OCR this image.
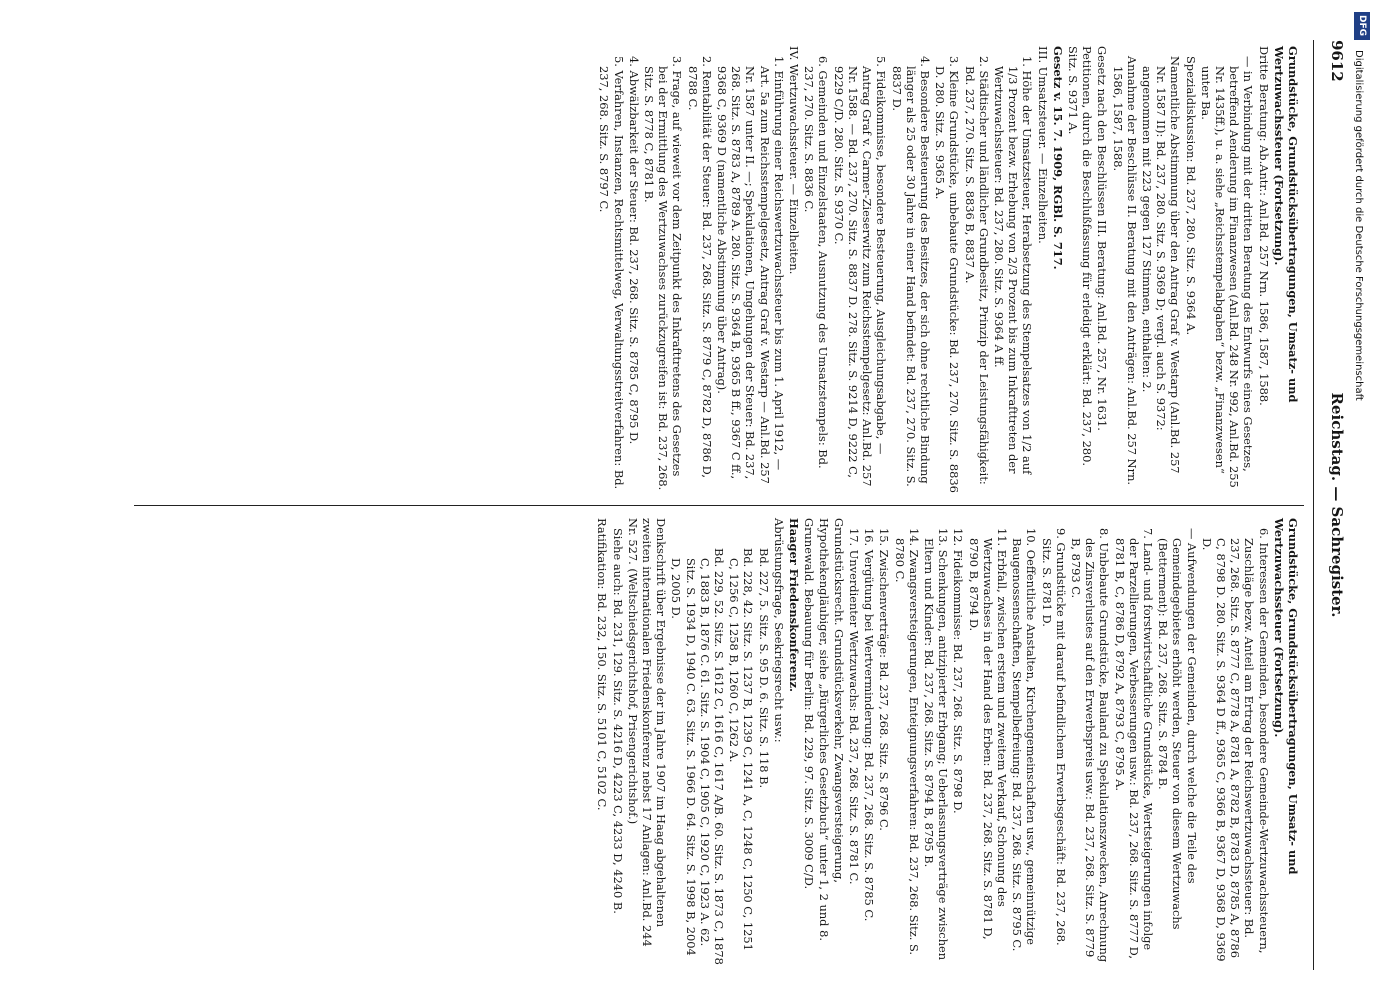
9612
Reichstag. — Sachregister.

Grundstücke, Grundstücksübertragungen, Umsatz- und Wertzuwachssteuer (Fortsetzung).

Dritte Beratung: Ab.Antr.: Anl.Bd. 257 Nrn. 1586, 1587, 1588.

— in Verbindung mit der dritten Beratung des Entwurfs eines Gesetzes, betreffend Aenderung im Finanzwesen (Anl.Bd. 248 Nr. 992, Anl.Bd. 255 Nr. 1435ff.), u. a. siehe „Reichsstempelabgaben“ bezw. „Finanzwesen“ unter Ba.

Spezialdiskussion: Bd. 237, 280. Sitz. S. 9364 A.

Namentliche Abstimmung über den Antrag Graf v. Westarp (Anl.Bd. 257 Nr. 1587 II): Bd. 237, 280. Sitz. S. 9369 D; vergl. auch S. 9372: angenommen mit 223 gegen 127 Stimmen, enthalten: 2.

Annahme der Beschlüsse II. Beratung mit den Anträgen: Anl.Bd. 257 Nrn. 1586, 1587, 1588.

Gesetz nach den Beschlüssen III. Beratung: Anl.Bd. 257, Nr. 1631.

Petitionen, durch die Beschlußfassung für erledigt erklärt: Bd. 237, 280. Sitz. S. 9371 A.

Gesetz v. 15. 7. 1909, RGBl. S. 717.

III. Umsatzsteuer. — Einzelheiten.

1. Höhe der Umsatzsteuer, Herabsetzung des Stempelsatzes von 1/2 auf 1/3 Prozent bezw. Erhebung von 2/3 Prozent bis zum Inkrafttreten der Wertzuwachssteuer: Bd. 237, 280. Sitz. S. 9364 A ff.

2. Städtischer und ländlicher Grundbesitz, Prinzip der Leistungsfähigkeit: Bd. 237, 270. Sitz. S. 8836 B, 8837 A.

3. Kleine Grundstücke, unbebaute Grundstücke: Bd. 237, 270. Sitz. S. 8836 D. 280. Sitz. S. 9365 A.

4. Besondere Besteuerung des Besitzes, der sich ohne rechtliche Bindung länger als 25 oder 30 Jahre in einer Hand befindet: Bd. 237, 270. Sitz. S. 8837 D.

5. Fideikommisse, besondere Besteuerung, Ausgleichungsabgabe, — Antrag Graf v. Carmer-Zieserwitz zum Reichsstempelgesetz: Anl.Bd. 257 Nr. 1588. — Bd. 237, 270. Sitz. S. 8837 D. 278. Sitz. S. 9214 D, 9222 C, 9229 C/D. 280. Sitz. S. 9370 C.

6. Gemeinden und Einzelstaaten, Ausnutzung des Umsatzstempels: Bd. 237, 270. Sitz. S. 8836 C.

IV. Wertzuwachssteuer. — Einzelheiten.

1. Einführung einer Reichswertzuwachssteuer bis zum 1. April 1912, — Art. 5a zum Reichsstempelgesetz, Antrag Graf v. Westarp — Anl.Bd. 257 Nr. 1587 unter II. —; Spekulationen, Umgehungen der Steuer: Bd. 237, 268. Sitz. S. 8783 A, 8789 A. 280. Sitz. S. 9364 B, 9365 B ff., 9367 C ff., 9368 C, 9369 D (namentliche Abstimmung über Antrag).

2. Rentabilität der Steuer: Bd. 237, 268. Sitz. S. 8779 C, 8782 D, 8786 D, 8788 C.

3. Frage, auf wieweit vor dem Zeitpunkt des Inkrafttretens des Gesetzes bei der Ermittlung des Wertzuwachses zurückzugreifen ist: Bd. 237, 268. Sitz. S. 8778 C, 8781 B.

4. Abwälzbarkeit der Steuer: Bd. 237, 268. Sitz. S. 8785 C, 8795 D.

5. Verfahren, Instanzen, Rechtsmittelweg, Verwaltungsstreitverfahren: Bd. 237, 268. Sitz. S. 8797 C.

Grundstücke, Grundstücksübertragungen, Umsatz- und Wertzuwachssteuer (Fortsetzung).

6. Interessen der Gemeinden, besondere Gemeinde-Wertzuwachssteuern, Zuschläge bezw. Anteil am Ertrag der Reichswertzuwachssteuer: Bd. 237, 268. Sitz. S. 8777 C, 8778 A, 8781 A, 8782 B, 8783 D, 8785 A, 8786 C, 8798 D. 280. Sitz. S. 9364 D ff., 9365 C, 9366 B, 9367 D, 9368 D, 9369 D.

— Aufwendungen der Gemeinden, durch welche die Teile des Gemeindegebietes erhöht werden, Steuer von diesem Wertzuwachs (Betterment): Bd. 237, 268. Sitz. S. 8784 B.

7. Land- und forstwirtschaftliche Grundstücke, Wertsteigerungen infolge der Parzellierungen, Verbesserungen usw.: Bd. 237, 268. Sitz. S. 8777 D, 8781 B, C, 8786 D, 8792 A, 8793 C, 8795 A.

8. Unbebaute Grundstücke, Bauland zu Spekulationszwecken, Anrechnung des Zinsverlustes auf den Erwerbspreis usw.: Bd. 237, 268. Sitz. S. 8779 B, 8793 C.

9. Grundstücke mit darauf befindlichem Erwerbsgeschäft: Bd. 237, 268. Sitz. S. 8781 D.

10. Oeffentliche Anstalten, Kirchengemeinschaften usw., gemeinnützige Baugenossenschaften, Stempelbefreiung: Bd. 237, 268. Sitz. S. 8795 C.

11. Erbfall, zwischen erstem und zweitem Verkauf, Schonung des Wertzuwachses in der Hand des Erben: Bd. 237, 268. Sitz. S. 8781 D, 8790 B, 8794 D.

12. Fideikommisse: Bd. 237, 268. Sitz. S. 8798 D.

13. Schenkungen, antizipierter Erbgang; Ueberlassungsverträge zwischen Eltern und Kinder: Bd. 237, 268. Sitz. S. 8794 B, 8795 B.

14. Zwangsversteigerungen, Enteignungsverfahren: Bd. 237, 268. Sitz. S. 8780 C.

15. Zwischenverträge: Bd. 237, 268. Sitz. S. 8796 C.

16. Vergütung bei Wertverminderung: Bd. 237, 268. Sitz. S. 8785 C.

17. Unverdienter Wertzuwachs: Bd. 237, 268. Sitz. S. 8781 C.

Grundstücksrecht. Grundstücksverkehr, Zwangsversteigerung, Hypothekengläubiger, siehe „Bürgerliches Gesetzbuch“ unter 1, 2 und 8.

Grunewald. Bebauung für Berlin: Bd. 229, 97. Sitz. S. 3009 C/D.

Haager Friedenskonferenz.

Abrüstungsfrage, Seekriegsrecht usw.:

Bd. 227, 5. Sitz. S. 95 D. 6. Sitz. S. 118 B.

Bd. 228, 42. Sitz. S. 1237 B, 1239 C, 1241 A, C, 1248 C, 1250 C, 1251 C, 1256 C, 1258 B, 1260 C, 1262 A.

Bd. 229, 52. Sitz. S. 1612 C, 1616 C, 1617 A/B. 60. Sitz. S. 1873 C, 1878 C, 1883 B, 1876 C. 61. Sitz. S. 1904 C, 1905 C, 1920 C, 1923 A. 62. Sitz. S. 1934 D, 1940 C. 63. Sitz. S. 1966 D. 64. Sitz. S. 1998 B, 2004 D, 2005 D.

Denkschrift über Ergebnisse der im Jahre 1907 im Haag abgehaltenen zweiten internationalen Friedenskonferenz nebst 17 Anlagen: Anl.Bd. 244 Nr. 527. (Weltschiedsgerichtshof, Prisengerichtshof.)

Siehe auch: Bd. 231, 129. Sitz. S. 4216 D, 4223 C, 4233 D, 4240 B.

Ratifikation: Bd. 232, 150. Sitz. S. 5101 C, 5102 C.

DFG
Digitalisierung gefördert durch die Deutsche Forschungsgemeinschaft
